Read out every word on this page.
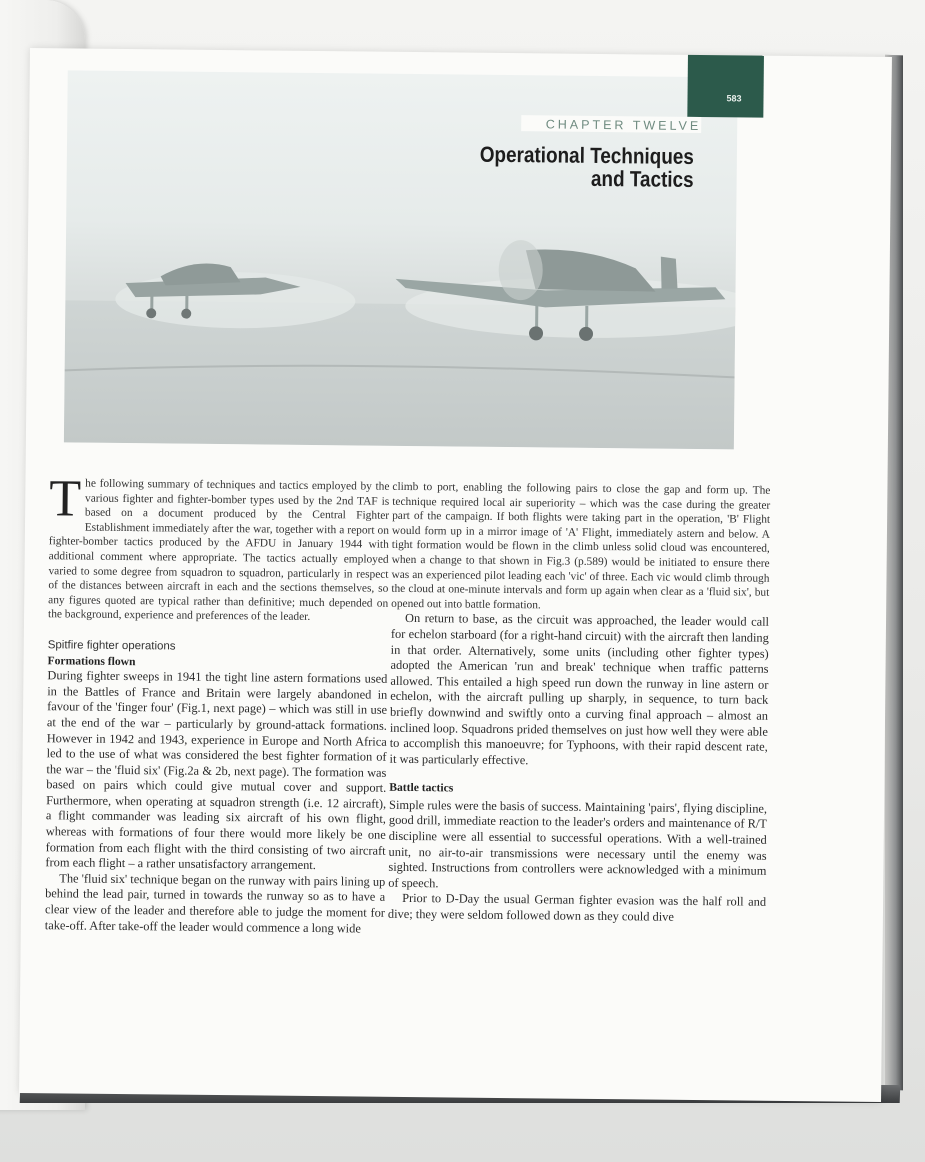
583
CHAPTER TWELVE
Operational Techniques
and Tactics

The following summary of techniques and tactics employed by the various fighter and fighter-bomber types used by the 2nd TAF is based on a document produced by the Central Fighter Establishment immediately after the war, together with a report on fighter-bomber tactics produced by the AFDU in January 1944 with additional comment where appropriate. The tactics actually employed varied to some degree from squadron to squadron, particularly in respect of the distances between aircraft in each and the sections themselves, so any figures quoted are typical rather than definitive; much depended on the background, experience and preferences of the leader.

Spitfire fighter operations
Formations flown

During fighter sweeps in 1941 the tight line astern formations used in the Battles of France and Britain were largely abandoned in favour of the 'finger four' (Fig.1, next page) – which was still in use at the end of the war – particularly by ground-attack formations. However in 1942 and 1943, experience in Europe and North Africa led to the use of what was considered the best fighter formation of the war – the 'fluid six' (Fig.2a & 2b, next page). The formation was based on pairs which could give mutual cover and support. Furthermore, when operating at squadron strength (i.e. 12 aircraft), a flight commander was leading six aircraft of his own flight, whereas with formations of four there would more likely be one formation from each flight with the third consisting of two aircraft from each flight – a rather unsatisfactory arrangement.

The 'fluid six' technique began on the runway with pairs lining up behind the lead pair, turned in towards the runway so as to have a clear view of the leader and therefore able to judge the moment for take-off. After take-off the leader would commence a long wide

climb to port, enabling the following pairs to close the gap and form up. The technique required local air superiority – which was the case during the greater part of the campaign. If both flights were taking part in the operation, 'B' Flight would form up in a mirror image of 'A' Flight, immediately astern and below. A tight formation would be flown in the climb unless solid cloud was encountered, when a change to that shown in Fig.3 (p.589) would be initiated to ensure there was an experienced pilot leading each 'vic' of three. Each vic would climb through the cloud at one-minute intervals and form up again when clear as a 'fluid six', but opened out into battle formation.

On return to base, as the circuit was approached, the leader would call for echelon starboard (for a right-hand circuit) with the aircraft then landing in that order. Alternatively, some units (including other fighter types) adopted the American 'run and break' technique when traffic patterns allowed. This entailed a high speed run down the runway in line astern or echelon, with the aircraft pulling up sharply, in sequence, to turn back briefly downwind and swiftly onto a curving final approach – almost an inclined loop. Squadrons prided themselves on just how well they were able to accomplish this manoeuvre; for Typhoons, with their rapid descent rate, it was particularly effective.

Battle tactics

Simple rules were the basis of success. Maintaining 'pairs', flying discipline, good drill, immediate reaction to the leader's orders and maintenance of R/T discipline were all essential to successful operations. With a well-trained unit, no air-to-air transmissions were necessary until the enemy was sighted. Instructions from controllers were acknowledged with a minimum of speech.

Prior to D-Day the usual German fighter evasion was the half roll and dive; they were seldom followed down as they could dive
